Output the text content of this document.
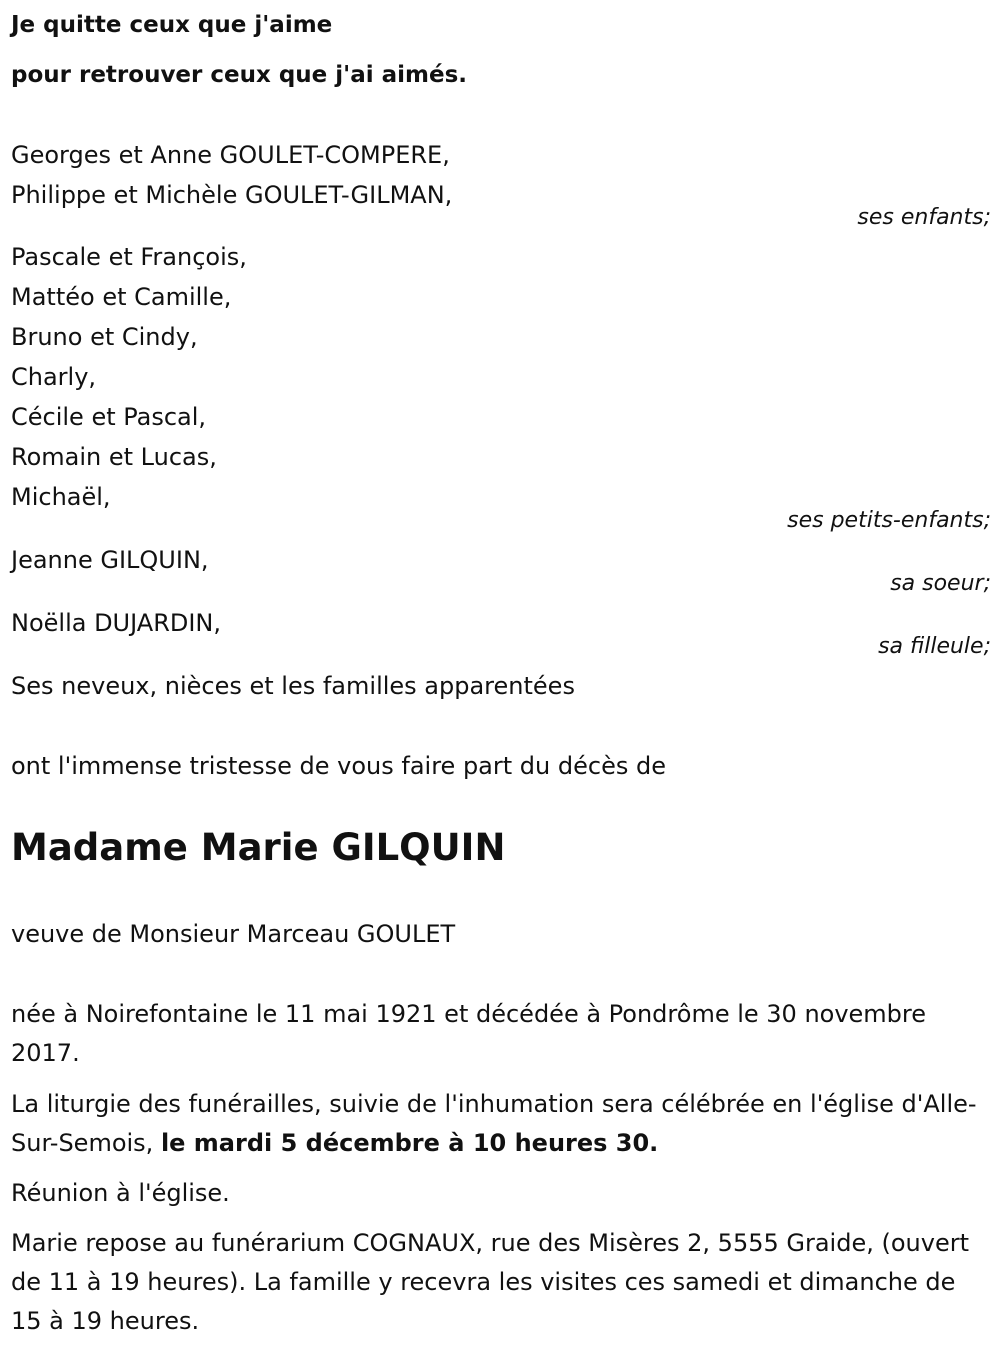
Je quitte ceux que j'aime
pour retrouver ceux que j'ai aimés.
Georges et Anne GOULET-COMPERE,
Philippe et Michèle GOULET-GILMAN,
ses enfants;
Pascale et François,
Mattéo et Camille,
Bruno et Cindy,
Charly,
Cécile et Pascal,
Romain et Lucas,
Michaël,
ses petits-enfants;
Jeanne GILQUIN,
sa soeur;
Noëlla DUJARDIN,
sa filleule;
Ses neveux, nièces et les familles apparentées
ont l'immense tristesse de vous faire part du décès de
Madame Marie GILQUIN
veuve de Monsieur Marceau GOULET
née à Noirefontaine le 11 mai 1921 et décédée à Pondrôme le 30 novembre 2017.
La liturgie des funérailles, suivie de l'inhumation sera célébrée en l'église d'Alle-Sur-Semois, le mardi 5 décembre à 10 heures 30.
Réunion à l'église.
Marie repose au funérarium COGNAUX, rue des Misères 2, 5555 Graide, (ouvert de 11 à 19 heures). La famille y recevra les visites ces samedi et dimanche de 15 à 19 heures.
